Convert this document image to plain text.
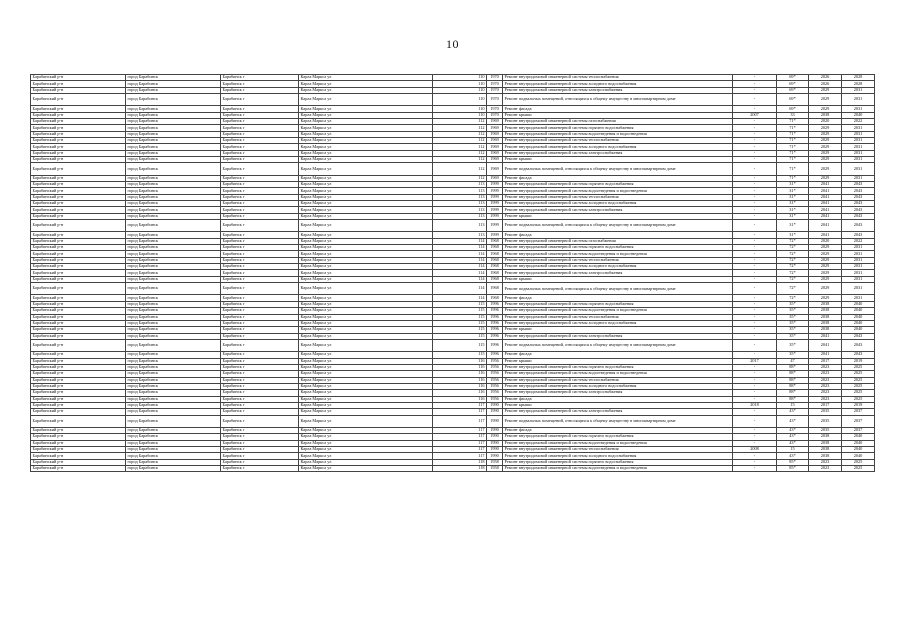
10
Барабинский р-н	город Барабинск	Барабинск г	Карла Маркса ул	110	1970	Ремонт внутридомовой инженерной системы теплоснабжения	-	69*	2026	2028
Барабинский р-н	город Барабинск	Барабинск г	Карла Маркса ул	110	1970	Ремонт внутридомовой инженерной системы холодного водоснабжения	-	69*	2026	2028
Барабинский р-н	город Барабинск	Барабинск г	Карла Маркса ул	110	1970	Ремонт внутридомовой инженерной системы электроснабжения	-	69*	2029	2031
Барабинский р-н	город Барабинск	Барабинск г	Карла Маркса ул	110	1970	Ремонт подвальных помещений, относящихся к общему имуществу в многоквартирном доме	-	69*	2029	2031
Барабинский р-н	город Барабинск	Барабинск г	Карла Маркса ул	110	1970	Ремонт фасада	-	69*	2029	2031
Барабинский р-н	город Барабинск	Барабинск г	Карла Маркса ул	110	1970	Ремонт крыши	2007	33	2038	2040
Барабинский р-н	город Барабинск	Барабинск г	Карла Маркса ул	112	1969	Ремонт внутридомовой инженерной системы газоснабжения	-	71*	2020	2022
Барабинский р-н	город Барабинск	Барабинск г	Карла Маркса ул	112	1969	Ремонт внутридомовой инженерной системы горячего водоснабжения	-	71*	2029	2031
Барабинский р-н	город Барабинск	Барабинск г	Карла Маркса ул	112	1969	Ремонт внутридомовой инженерной системы водоотведения и водоотведения	-	71*	2029	2031
Барабинский р-н	город Барабинск	Барабинск г	Карла Маркса ул	112	1969	Ремонт внутридомовой инженерной системы теплоснабжения	-	71*	2029	2031
Барабинский р-н	город Барабинск	Барабинск г	Карла Маркса ул	112	1969	Ремонт внутридомовой инженерной системы холодного водоснабжения	-	71*	2029	2031
Барабинский р-н	город Барабинск	Барабинск г	Карла Маркса ул	112	1969	Ремонт внутридомовой инженерной системы электроснабжения	-	71*	2029	2031
Барабинский р-н	город Барабинск	Барабинск г	Карла Маркса ул	112	1969	Ремонт крыши	-	71*	2029	2031
Барабинский р-н	город Барабинск	Барабинск г	Карла Маркса ул	112	1969	Ремонт подвальных помещений, относящихся к общему имуществу в многоквартирном доме	-	71*	2029	2031
Барабинский р-н	город Барабинск	Барабинск г	Карла Маркса ул	112	1969	Ремонт фасада	-	71*	2029	2031
Барабинский р-н	город Барабинск	Барабинск г	Карла Маркса ул	113	1999	Ремонт внутридомовой инженерной системы горячего водоснабжения	-	31*	2041	2043
Барабинский р-н	город Барабинск	Барабинск г	Карла Маркса ул	113	1999	Ремонт внутридомовой инженерной системы водоотведения и водоотведения	-	31*	2041	2043
Барабинский р-н	город Барабинск	Барабинск г	Карла Маркса ул	113	1999	Ремонт внутридомовой инженерной системы теплоснабжения	-	31*	2041	2043
Барабинский р-н	город Барабинск	Барабинск г	Карла Маркса ул	113	1999	Ремонт внутридомовой инженерной системы холодного водоснабжения	-	31*	2041	2043
Барабинский р-н	город Барабинск	Барабинск г	Карла Маркса ул	113	1999	Ремонт внутридомовой инженерной системы электроснабжения	-	31*	2041	2043
Барабинский р-н	город Барабинск	Барабинск г	Карла Маркса ул	113	1999	Ремонт крыши	-	31*	2041	2043
Барабинский р-н	город Барабинск	Барабинск г	Карла Маркса ул	113	1999	Ремонт подвальных помещений, относящихся к общему имуществу в многоквартирном доме	-	31*	2041	2043
Барабинский р-н	город Барабинск	Барабинск г	Карла Маркса ул	113	1999	Ремонт фасада	-	31*	2041	2043
Барабинский р-н	город Барабинск	Барабинск г	Карла Маркса ул	114	1968	Ремонт внутридомовой инженерной системы газоснабжения	-	72*	2020	2022
Барабинский р-н	город Барабинск	Барабинск г	Карла Маркса ул	114	1968	Ремонт внутридомовой инженерной системы горячего водоснабжения	-	72*	2029	2031
Барабинский р-н	город Барабинск	Барабинск г	Карла Маркса ул	114	1968	Ремонт внутридомовой инженерной системы водоотведения и водоотведения	-	72*	2029	2031
Барабинский р-н	город Барабинск	Барабинск г	Карла Маркса ул	114	1968	Ремонт внутридомовой инженерной системы теплоснабжения	-	72*	2029	2031
Барабинский р-н	город Барабинск	Барабинск г	Карла Маркса ул	114	1968	Ремонт внутридомовой инженерной системы холодного водоснабжения	-	72*	2029	2031
Барабинский р-н	город Барабинск	Барабинск г	Карла Маркса ул	114	1968	Ремонт внутридомовой инженерной системы электроснабжения	-	72*	2029	2031
Барабинский р-н	город Барабинск	Барабинск г	Карла Маркса ул	114	1968	Ремонт крыши	-	72*	2029	2031
Барабинский р-н	город Барабинск	Барабинск г	Карла Маркса ул	114	1968	Ремонт подвальных помещений, относящихся к общему имуществу в многоквартирном доме	-	72*	2029	2031
Барабинский р-н	город Барабинск	Барабинск г	Карла Маркса ул	114	1968	Ремонт фасада	-	72*	2029	2031
Барабинский р-н	город Барабинск	Барабинск г	Карла Маркса ул	115	1996	Ремонт внутридомовой инженерной системы горячего водоснабжения	-	35*	2038	2040
Барабинский р-н	город Барабинск	Барабинск г	Карла Маркса ул	115	1996	Ремонт внутридомовой инженерной системы водоотведения и водоотведения	-	35*	2038	2040
Барабинский р-н	город Барабинск	Барабинск г	Карла Маркса ул	115	1996	Ремонт внутридомовой инженерной системы теплоснабжения	-	35*	2038	2040
Барабинский р-н	город Барабинск	Барабинск г	Карла Маркса ул	115	1996	Ремонт внутридомовой инженерной системы холодного водоснабжения	-	35*	2038	2040
Барабинский р-н	город Барабинск	Барабинск г	Карла Маркса ул	115	1996	Ремонт крыши	-	35*	2038	2040
Барабинский р-н	город Барабинск	Барабинск г	Карла Маркса ул	115	1996	Ремонт внутридомовой инженерной системы электроснабжения	-	35*	2041	2043
Барабинский р-н	город Барабинск	Барабинск г	Карла Маркса ул	115	1996	Ремонт подвальных помещений, относящихся к общему имуществу в многоквартирном доме	-	35*	2041	2043
Барабинский р-н	город Барабинск	Барабинск г	Карла Маркса ул	115	1996	Ремонт фасада	-	35*	2041	2043
Барабинский р-н	город Барабинск	Барабинск г	Карла Маркса ул	116	1956	Ремонт крыши	2017	47	2017	2019
Барабинский р-н	город Барабинск	Барабинск г	Карла Маркса ул	116	1956	Ремонт внутридомовой инженерной системы горячего водоснабжения	-	88*	2023	2025
Барабинский р-н	город Барабинск	Барабинск г	Карла Маркса ул	116	1956	Ремонт внутридомовой инженерной системы водоотведения и водоотведения	-	88*	2023	2025
Барабинский р-н	город Барабинск	Барабинск г	Карла Маркса ул	116	1956	Ремонт внутридомовой инженерной системы теплоснабжения	-	88*	2023	2025
Барабинский р-н	город Барабинск	Барабинск г	Карла Маркса ул	116	1956	Ремонт внутридомовой инженерной системы холодного водоснабжения	-	88*	2023	2025
Барабинский р-н	город Барабинск	Барабинск г	Карла Маркса ул	116	1956	Ремонт внутридомовой инженерной системы электроснабжения	-	88*	2023	2025
Барабинский р-н	город Барабинск	Барабинск г	Карла Маркса ул	116	1956	Ремонт фасада	-	88*	2023	2025
Барабинский р-н	город Барабинск	Барабинск г	Карла Маркса ул	117	1990	Ремонт крыши	2018	15	2017	2019
Барабинский р-н	город Барабинск	Барабинск г	Карла Маркса ул	117	1990	Ремонт внутридомовой инженерной системы электроснабжения	-	43*	2035	2037
Барабинский р-н	город Барабинск	Барабинск г	Карла Маркса ул	117	1990	Ремонт подвальных помещений, относящихся к общему имуществу в многоквартирном доме	-	43*	2035	2037
Барабинский р-н	город Барабинск	Барабинск г	Карла Маркса ул	117	1990	Ремонт фасада	-	43*	2035	2037
Барабинский р-н	город Барабинск	Барабинск г	Карла Маркса ул	117	1990	Ремонт внутридомовой инженерной системы горячего водоснабжения	-	43*	2038	2040
Барабинский р-н	город Барабинск	Барабинск г	Карла Маркса ул	117	1990	Ремонт внутридомовой инженерной системы водоотведения и водоотведения	-	43*	2038	2040
Барабинский р-н	город Барабинск	Барабинск г	Карла Маркса ул	117	1990	Ремонт внутридомовой инженерной системы теплоснабжения	2008	15	2038	2040
Барабинский р-н	город Барабинск	Барабинск г	Карла Маркса ул	117	1990	Ремонт внутридомовой инженерной системы холодного водоснабжения	-	43*	2038	2040
Барабинский р-н	город Барабинск	Барабинск г	Карла Маркса ул	118	1958	Ремонт внутридомовой инженерной системы горячего водоснабжения	-	85*	2023	2025
Барабинский р-н	город Барабинск	Барабинск г	Карла Маркса ул	118	1958	Ремонт внутридомовой инженерной системы водоотведения и водоотведения	-	85*	2023	2025
